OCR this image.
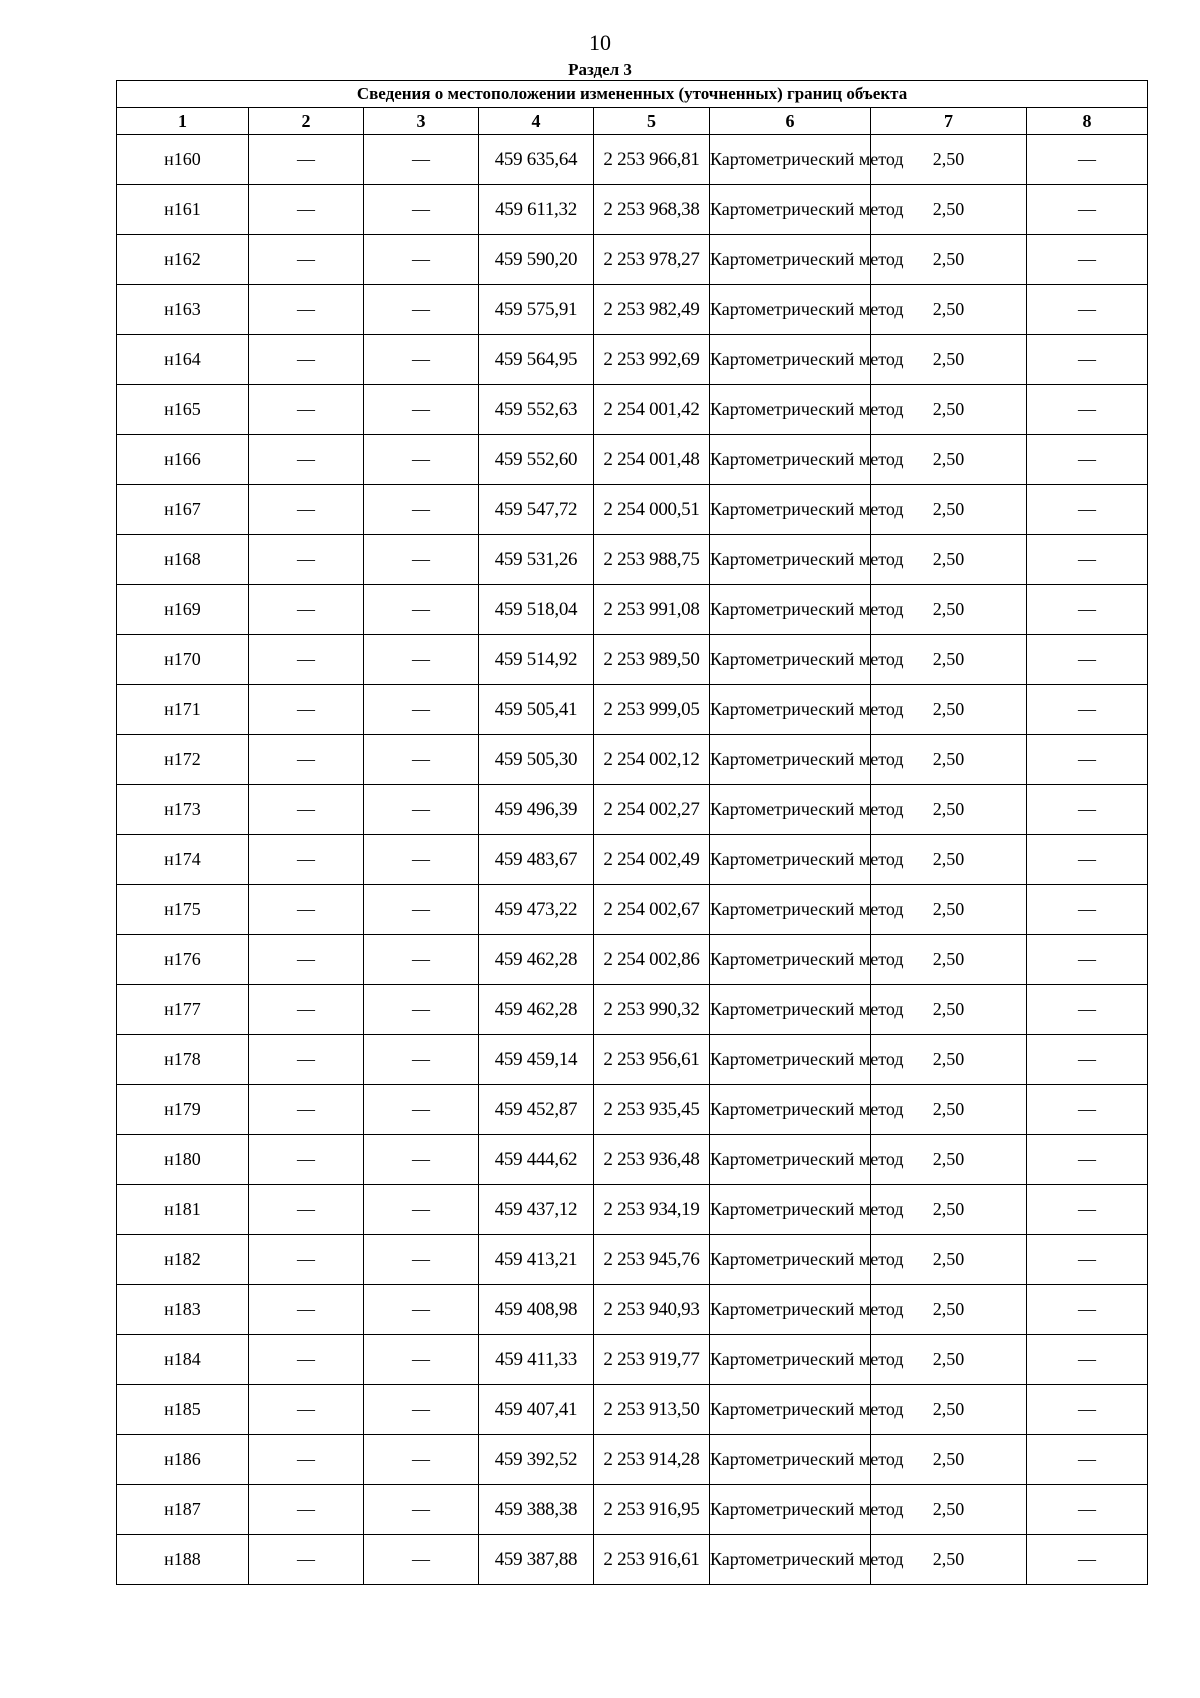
10
Раздел 3
Сведения о местоположении измененных (уточненных) границ объекта							
1	2	3	4	5	6	7	8
н160	—	—	459 635,64	2 253 966,81	Картометрический метод	2,50	—
н161	—	—	459 611,32	2 253 968,38	Картометрический метод	2,50	—
н162	—	—	459 590,20	2 253 978,27	Картометрический метод	2,50	—
н163	—	—	459 575,91	2 253 982,49	Картометрический метод	2,50	—
н164	—	—	459 564,95	2 253 992,69	Картометрический метод	2,50	—
н165	—	—	459 552,63	2 254 001,42	Картометрический метод	2,50	—
н166	—	—	459 552,60	2 254 001,48	Картометрический метод	2,50	—
н167	—	—	459 547,72	2 254 000,51	Картометрический метод	2,50	—
н168	—	—	459 531,26	2 253 988,75	Картометрический метод	2,50	—
н169	—	—	459 518,04	2 253 991,08	Картометрический метод	2,50	—
н170	—	—	459 514,92	2 253 989,50	Картометрический метод	2,50	—
н171	—	—	459 505,41	2 253 999,05	Картометрический метод	2,50	—
н172	—	—	459 505,30	2 254 002,12	Картометрический метод	2,50	—
н173	—	—	459 496,39	2 254 002,27	Картометрический метод	2,50	—
н174	—	—	459 483,67	2 254 002,49	Картометрический метод	2,50	—
н175	—	—	459 473,22	2 254 002,67	Картометрический метод	2,50	—
н176	—	—	459 462,28	2 254 002,86	Картометрический метод	2,50	—
н177	—	—	459 462,28	2 253 990,32	Картометрический метод	2,50	—
н178	—	—	459 459,14	2 253 956,61	Картометрический метод	2,50	—
н179	—	—	459 452,87	2 253 935,45	Картометрический метод	2,50	—
н180	—	—	459 444,62	2 253 936,48	Картометрический метод	2,50	—
н181	—	—	459 437,12	2 253 934,19	Картометрический метод	2,50	—
н182	—	—	459 413,21	2 253 945,76	Картометрический метод	2,50	—
н183	—	—	459 408,98	2 253 940,93	Картометрический метод	2,50	—
н184	—	—	459 411,33	2 253 919,77	Картометрический метод	2,50	—
н185	—	—	459 407,41	2 253 913,50	Картометрический метод	2,50	—
н186	—	—	459 392,52	2 253 914,28	Картометрический метод	2,50	—
н187	—	—	459 388,38	2 253 916,95	Картометрический метод	2,50	—
н188	—	—	459 387,88	2 253 916,61	Картометрический метод	2,50	—
